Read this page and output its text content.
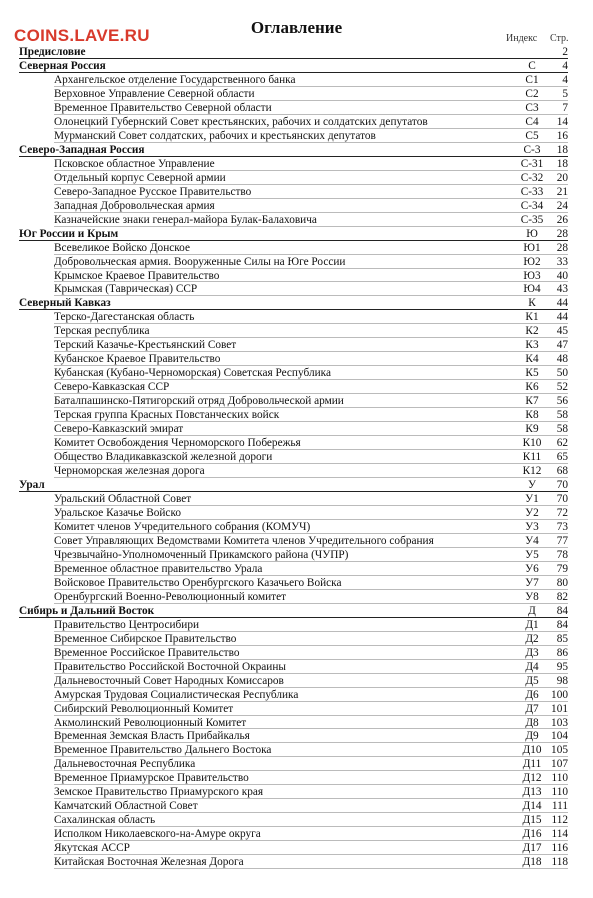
COINS.LAVE.RU	Оглавление
Индекс Стр.
Предисловие	2
Северная Россия	С	4
Архангельское отделение Государственного банка	С1	4
Верховное Управление Северной области	С2	5
Временное Правительство Северной области	С3	7
Олонецкий Губернский Совет крестьянских, рабочих и солдатских депутатов	С4	14
Мурманский Совет солдатских, рабочих и крестьянских депутатов	С5	16
Северо-Западная Россия	С-3	18
Псковское областное Управление	С-31	18
Отдельный корпус Северной армии	С-32	20
Северо-Западное Русское Правительство	С-33	21
Западная Добровольческая армия	С-34	24
Казначейские знаки генерал-майора Булак-Балаховича	С-35	26
Юг России и Крым	Ю	28
Всевеликое Войско Донское	Ю1	28
Добровольческая армия. Вооруженные Силы на Юге России	Ю2	33
Крымское Краевое Правительство	Ю3	40
Крымская (Таврическая) ССР	Ю4	43
Северный Кавказ	К	44
Терско-Дагестанская область	К1	44
Терская республика	К2	45
Терский Казачье-Крестьянский Совет	К3	47
Кубанское Краевое Правительство	К4	48
Кубанская (Кубано-Черноморская) Советская Республика	К5	50
Северо-Кавказская ССР	К6	52
Баталпашинско-Пятигорский отряд Добровольческой армии	К7	56
Терская группа Красных Повстанческих войск	К8	58
Северо-Кавказский эмират	К9	58
Комитет Освобождения Черноморского Побережья	К10	62
Общество Владикавказской железной дороги	К11	65
Черноморская железная дорога	К12	68
Урал	У	70
Уральский Областной Совет	У1	70
Уральское Казачье Войско	У2	72
Комитет членов Учредительного собрания (КОМУЧ)	У3	73
Совет Управляющих Ведомствами Комитета членов Учредительного собрания	У4	77
Чрезвычайно-Уполномоченный Прикамского района (ЧУПР)	У5	78
Временное областное правительство Урала	У6	79
Войсковое Правительство Оренбургского Казачьего Войска	У7	80
Оренбургский Военно-Революционный комитет	У8	82
Сибирь и Дальний Восток	Д	84
Правительство Центросибири	Д1	84
Временное Сибирское Правительство	Д2	85
Временное Российское Правительство	Д3	86
Правительство Российской Восточной Окраины	Д4	95
Дальневосточный Совет Народных Комиссаров	Д5	98
Амурская Трудовая Социалистическая Республика	Д6	100
Сибирский Революционный Комитет	Д7	101
Акмолинский Революционный Комитет	Д8	103
Временная Земская Власть Прибайкалья	Д9	104
Временное Правительство Дальнего Востока	Д10 105
Дальневосточная Республика	Д11 107
Временное Приамурское Правительство	Д12 110
Земское Правительство Приамурского края	Д13 110
Камчатский Областной Совет	Д14 111
Сахалинская область	Д15 112
Исполком Николаевского-на-Амуре округа	Д16 114
Якутская АССР	Д17 116
Китайская Восточная Железная Дорога	Д18 118
